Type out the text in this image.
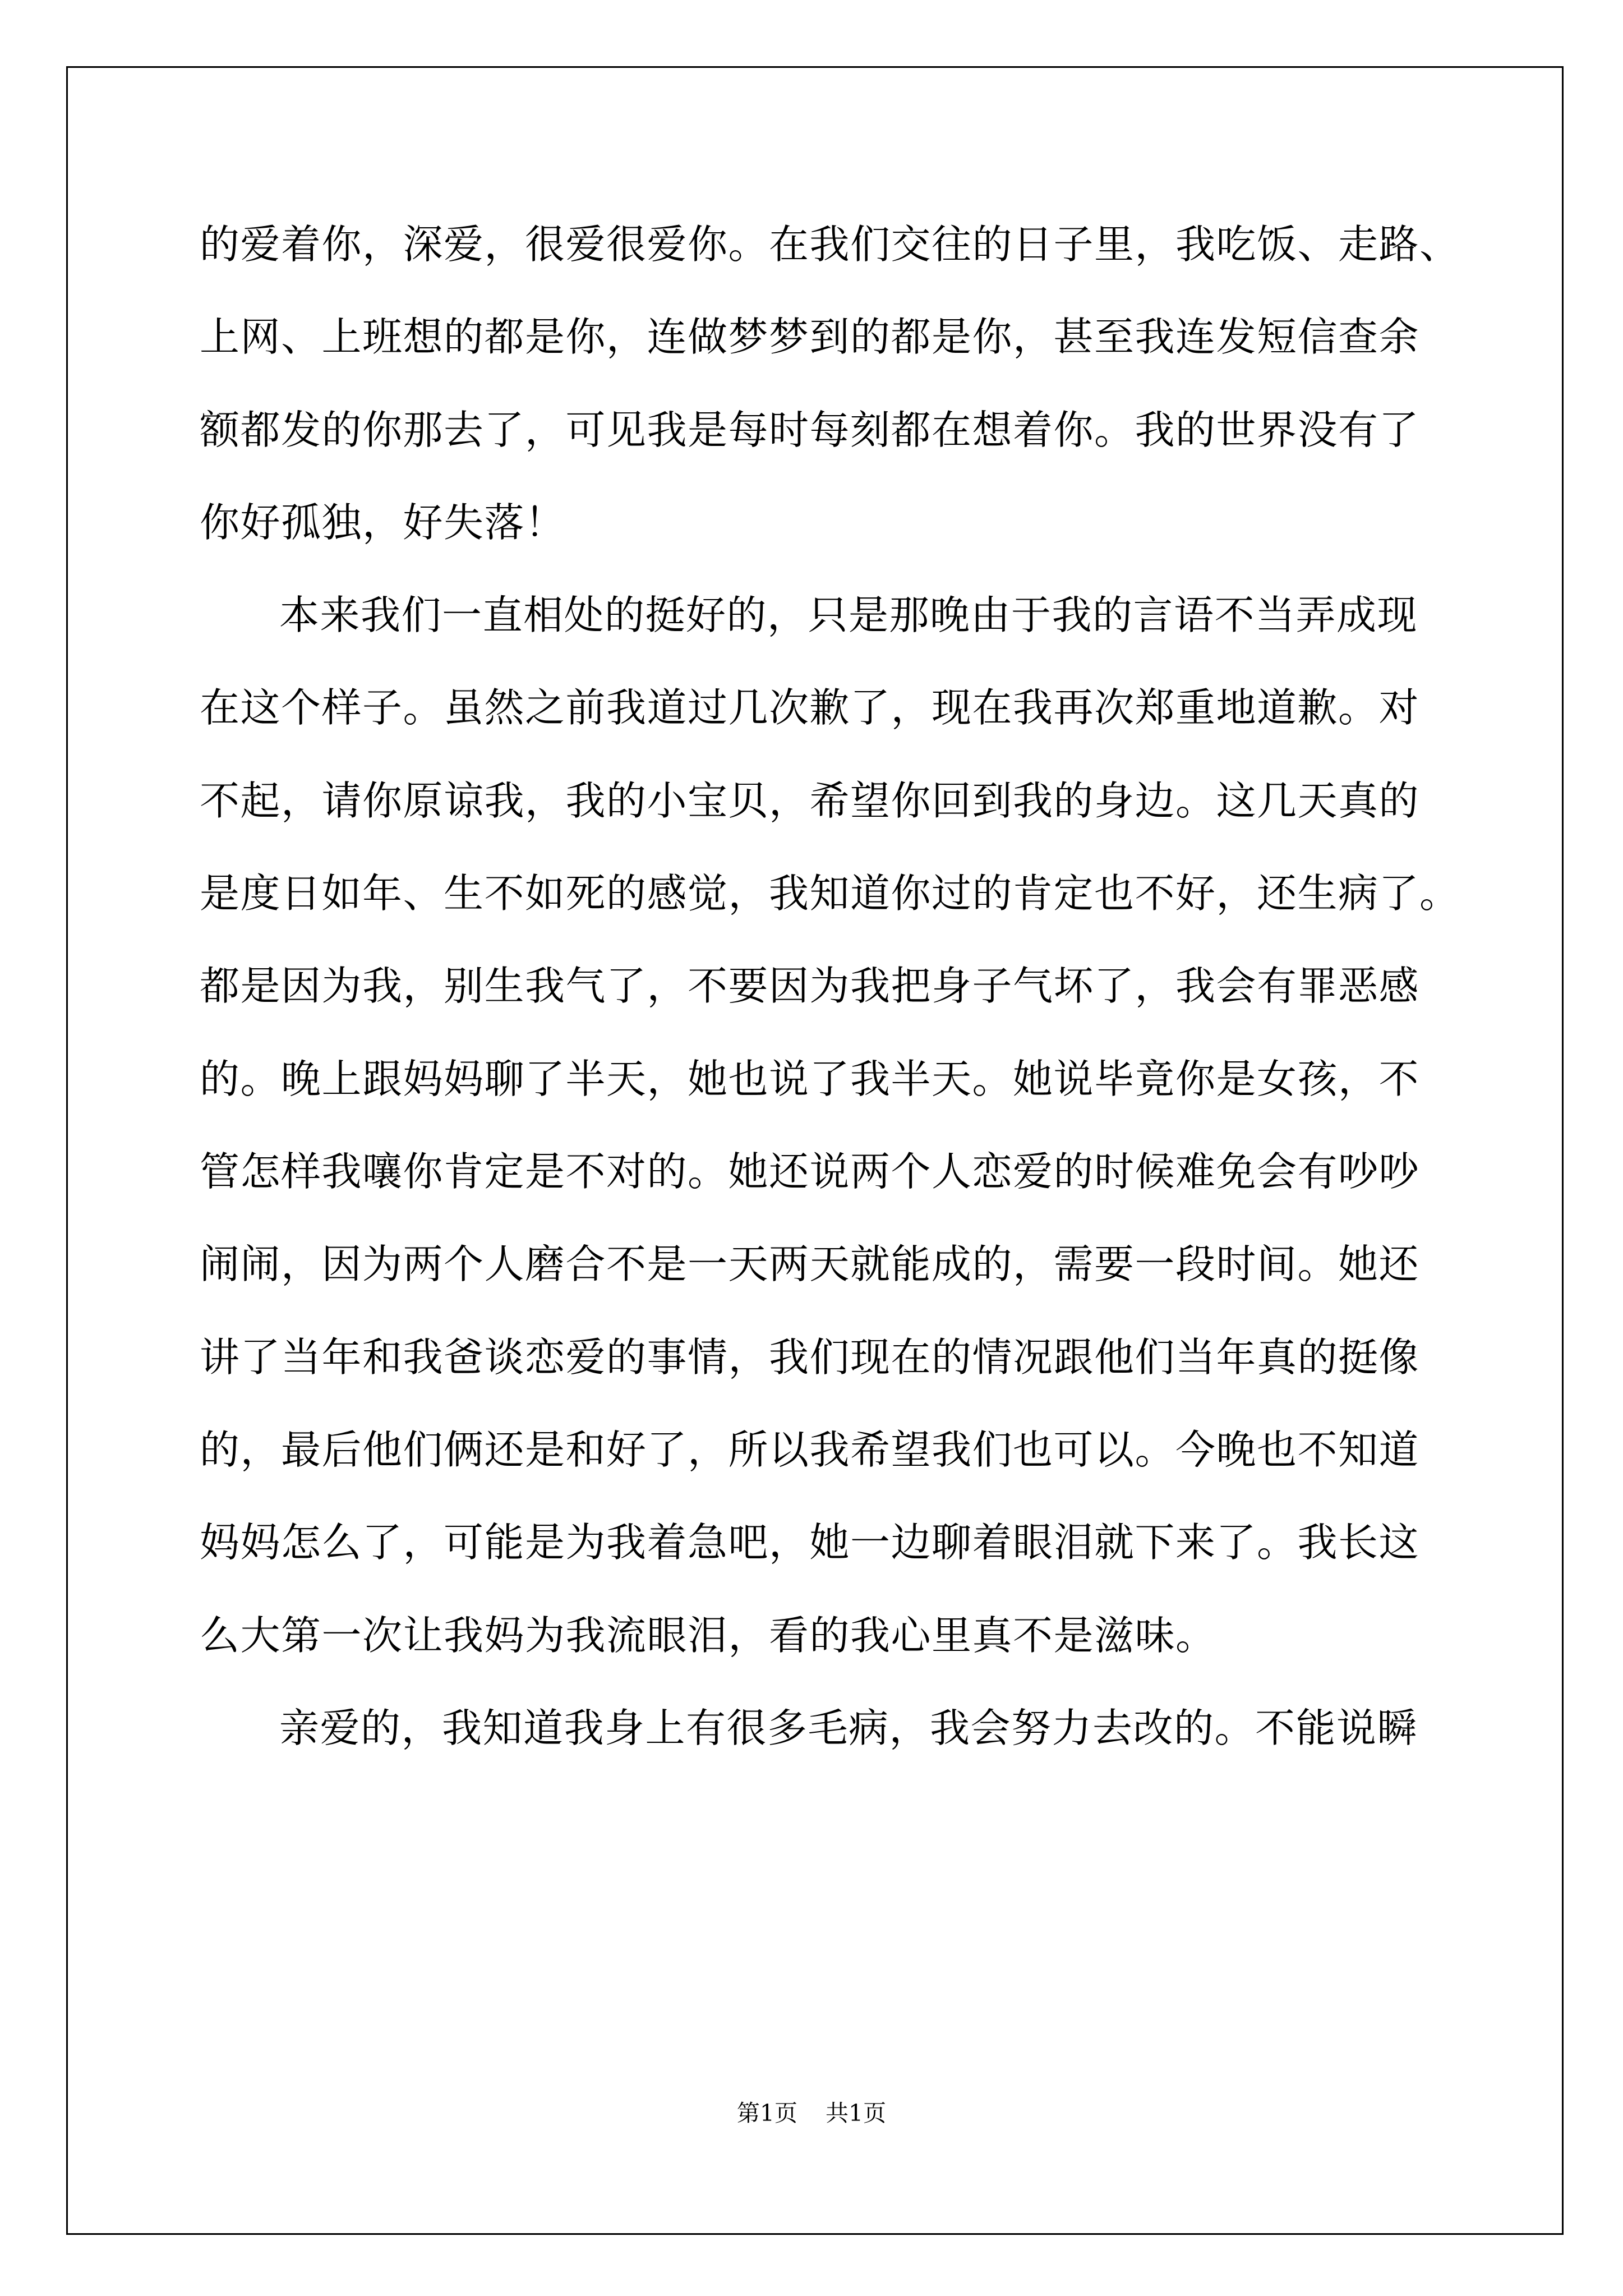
的爱着你，深爱，很爱很爱你。在我们交往的日子里，我吃饭、走路、
上网、上班想的都是你，连做梦梦到的都是你，甚至我连发短信查余
额都发的你那去了，可见我是每时每刻都在想着你。我的世界没有了
你好孤独，好失落！
本来我们一直相处的挺好的，只是那晚由于我的言语不当弄成现
在这个样子。虽然之前我道过几次歉了，现在我再次郑重地道歉。对
不起，请你原谅我，我的小宝贝，希望你回到我的身边。这几天真的
是度日如年、生不如死的感觉，我知道你过的肯定也不好，还生病了。
都是因为我，别生我气了，不要因为我把身子气坏了，我会有罪恶感
的。晚上跟妈妈聊了半天，她也说了我半天。她说毕竟你是女孩，不
管怎样我嚷你肯定是不对的。她还说两个人恋爱的时候难免会有吵吵
闹闹，因为两个人磨合不是一天两天就能成的，需要一段时间。她还
讲了当年和我爸谈恋爱的事情，我们现在的情况跟他们当年真的挺像
的，最后他们俩还是和好了，所以我希望我们也可以。今晚也不知道
妈妈怎么了，可能是为我着急吧，她一边聊着眼泪就下来了。我长这
么大第一次让我妈为我流眼泪，看的我心里真不是滋味。
亲爱的，我知道我身上有很多毛病，我会努力去改的。不能说瞬
第1页 共1页
